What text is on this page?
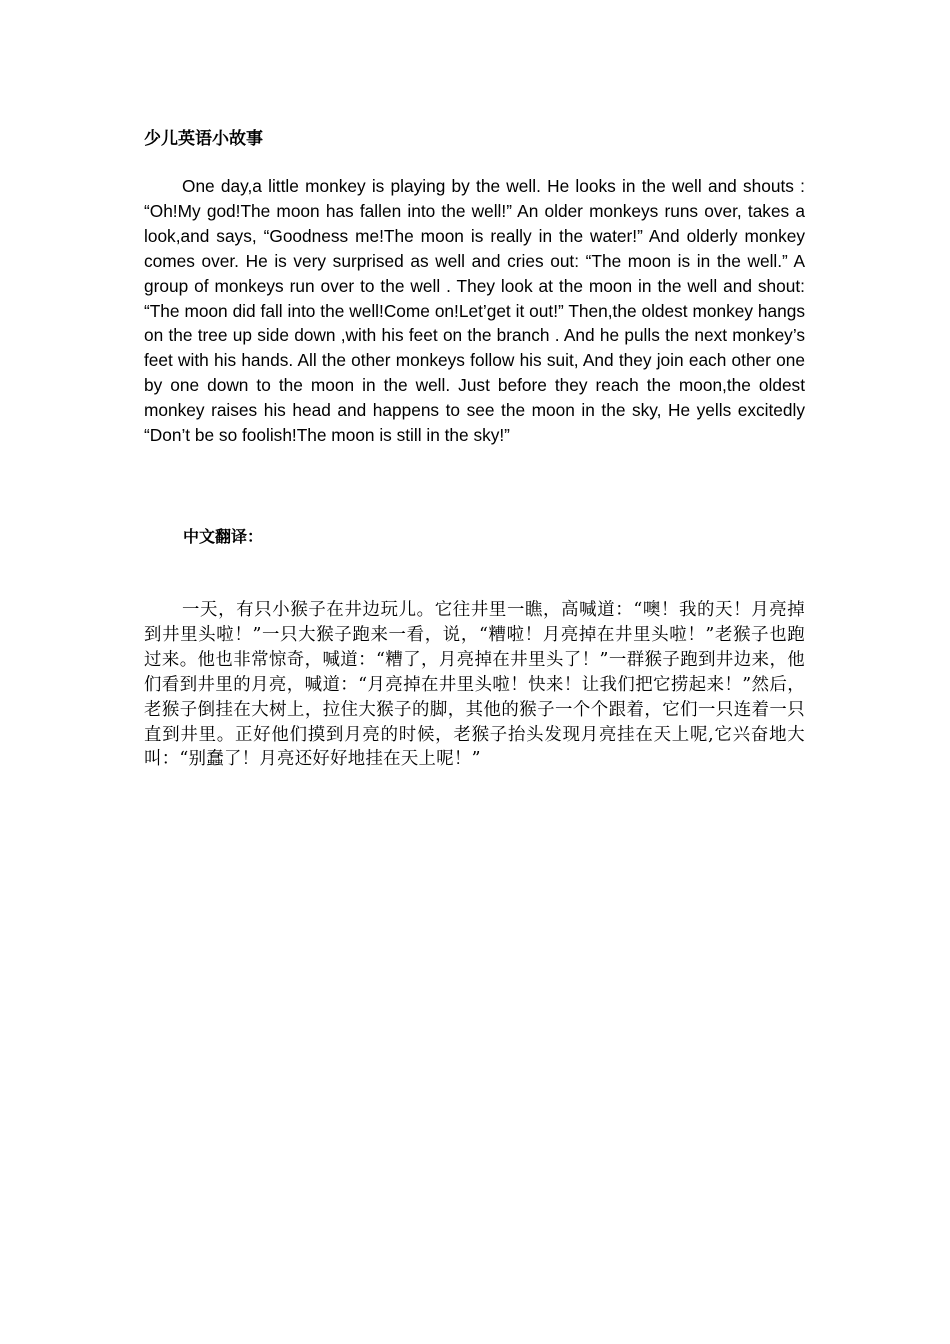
少儿英语小故事

One day,a little monkey is playing by the well. He looks in the well and shouts : “Oh!My god!The moon has fallen into the well!” An older monkeys runs over, takes a look,and says, “Goodness me!The moon is really in the water!” And olderly monkey comes over. He is very surprised as well and cries out: “The moon is in the well.” A group of monkeys run over to the well . They look at the moon in the well and shout: “The moon did fall into the well!Come on!Let’get it out!” Then,the oldest monkey hangs on the tree up side down ,with his feet on the branch . And he pulls the next monkey’s feet with his hands. All the other monkeys follow his suit, And they join each other one by one down to the moon in the well. Just before they reach the moon,the oldest monkey raises his head and happens to see the moon in the sky, He yells excitedly “Don’t be so foolish!The moon is still in the sky!”

中文翻译：

一天，有只小猴子在井边玩儿。它往井里一瞧，高喊道：“噢！我的天！月亮掉到井里头啦！”一只大猴子跑来一看，说，“糟啦！月亮掉在井里头啦！”老猴子也跑过来。他也非常惊奇，喊道：“糟了，月亮掉在井里头了！”一群猴子跑到井边来，他们看到井里的月亮，喊道：“月亮掉在井里头啦！快来！让我们把它捞起来！”然后，老猴子倒挂在大树上，拉住大猴子的脚，其他的猴子一个个跟着，它们一只连着一只直到井里。正好他们摸到月亮的时候，老猴子抬头发现月亮挂在天上呢,它兴奋地大叫：“别蠢了！月亮还好好地挂在天上呢！”
